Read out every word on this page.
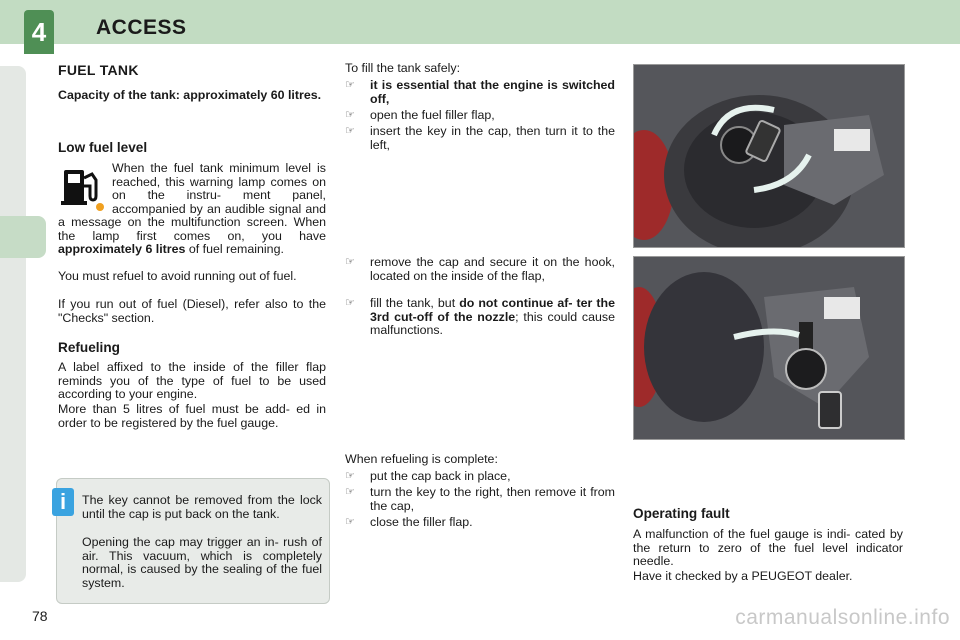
4	ACCESS
FUEL TANK
Capacity of the tank: approximately 60 litres.
Low fuel level
When the fuel tank minimum level is reached, this warning lamp comes on on the instru- ment panel, accompanied by an audible signal and a message on the multifunction screen. When the lamp first comes on, you have approximately 6 litres of fuel remaining.
You must refuel to avoid running out of fuel.
If you run out of fuel (Diesel), refer also to the "Checks" section.
Refueling
A label affixed to the inside of the filler flap reminds you of the type of fuel to be used according to your engine.
More than 5 litres of fuel must be add- ed in order to be registered by the fuel gauge.
i	The key cannot be removed from the lock until the cap is put back on the tank.
Opening the cap may trigger an in- rush of air. This vacuum, which is completely normal, is caused by the sealing of the fuel system.
To fill the tank safely:
☞ it is essential that the engine is switched off,
☞ open the fuel filler flap,
☞ insert the key in the cap, then turn it to the left,
☞ remove the cap and secure it on the hook, located on the inside of the flap,
☞ fill the tank, but do not continue af- ter the 3rd cut-off of the nozzle; this could cause malfunctions.
When refueling is complete:
☞ put the cap back in place,
☞ turn the key to the right, then remove it from the cap,
☞ close the filler flap.
Operating fault
A malfunction of the fuel gauge is indi- cated by the return to zero of the fuel level indicator needle.
Have it checked by a PEUGEOT dealer.
78	carmanualsonline.info
